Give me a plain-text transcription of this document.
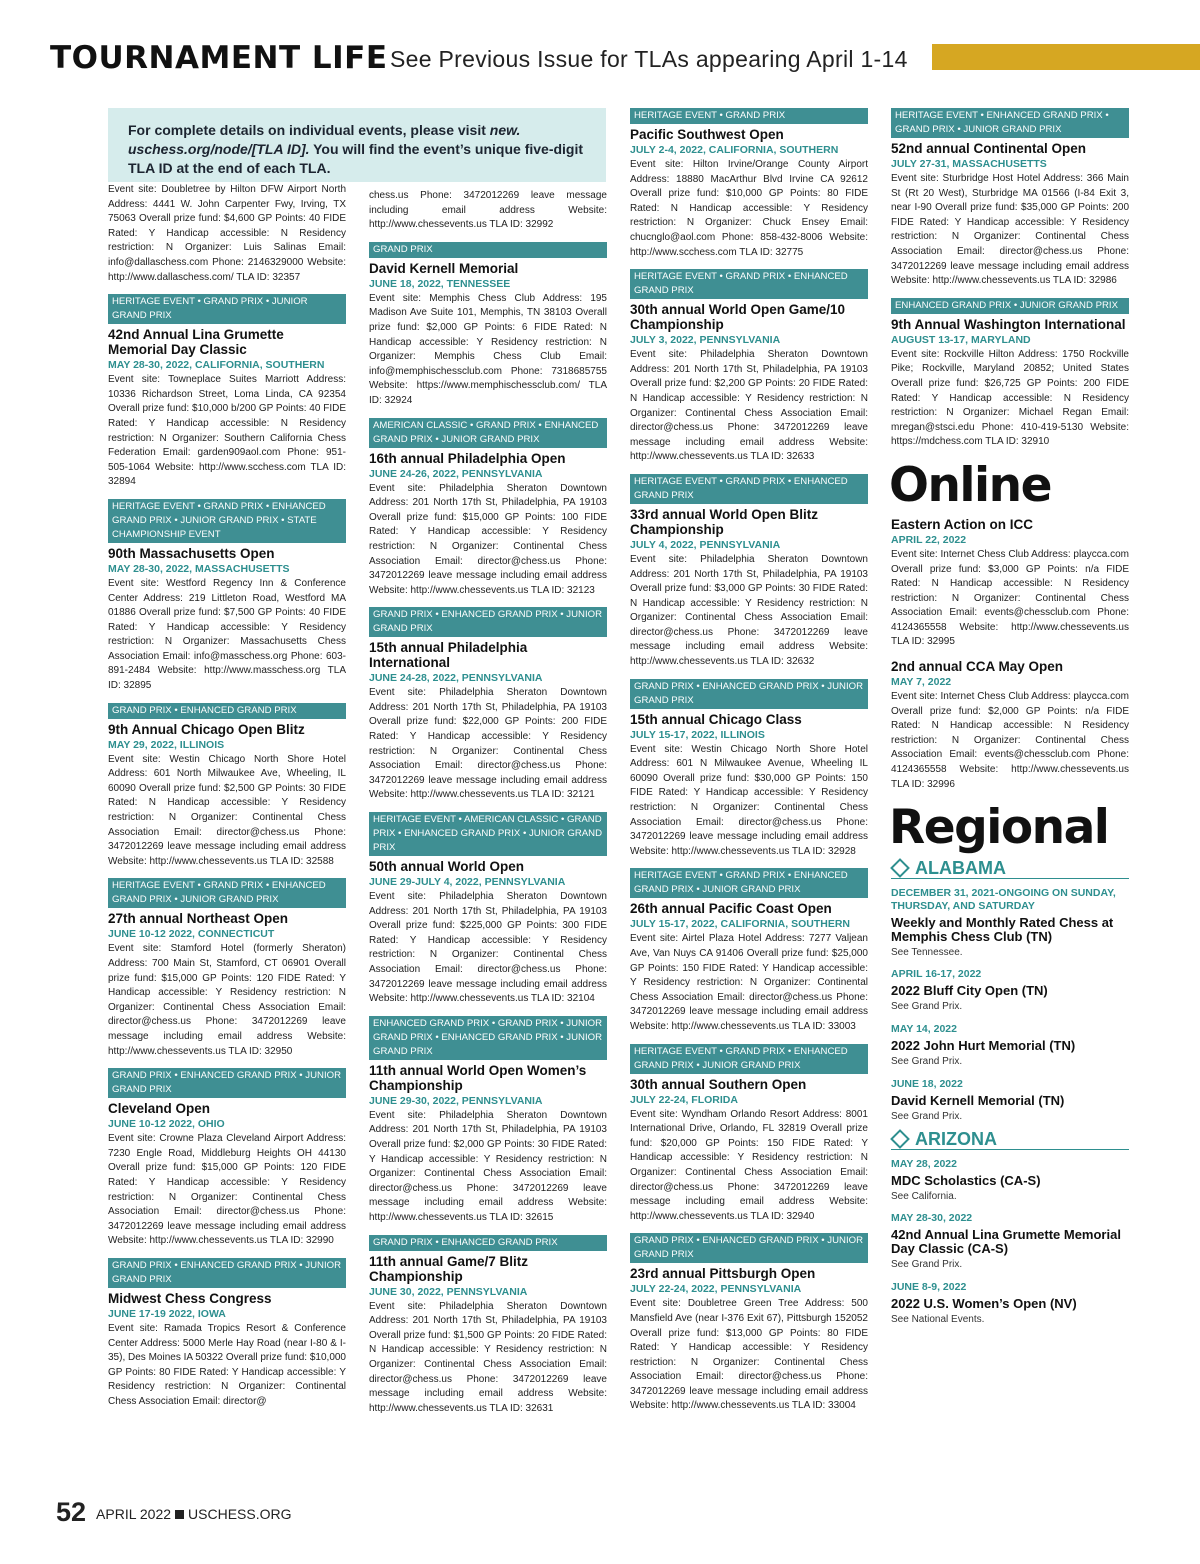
TOURNAMENT LIFE See Previous Issue for TLAs appearing April 1-14
For complete details on individual events, please visit new. uschess.org/node/[TLA ID]. You will find the event’s unique five-digit TLA ID at the end of each TLA.
Event site: Doubletree by Hilton DFW Airport North Address: 4441 W. John Carpenter Fwy, Irving, TX 75063 Overall prize fund: $4,600 GP Points: 40 FIDE Rated: Y Handicap accessible: N Residency restriction: N Organizer: Luis Salinas Email: info@dallaschess.com Phone: 2146329000 Website: http://www.dallaschess.com/ TLA ID: 32357
HERITAGE EVENT • GRAND PRIX • JUNIOR GRAND PRIX
42nd Annual Lina Grumette Memorial Day Classic
MAY 28-30, 2022, CALIFORNIA, SOUTHERN
Event site: Towneplace Suites Marriott Address: 10336 Richardson Street, Loma Linda, CA 92354 Overall prize fund: $10,000 b/200 GP Points: 40 FIDE Rated: Y Handicap accessible: N Residency restriction: N Organizer: Southern California Chess Federation Email: garden909aol.com Phone: 951-505-1064 Website: http://www.scchess.com TLA ID: 32894
HERITAGE EVENT • GRAND PRIX • ENHANCED GRAND PRIX • JUNIOR GRAND PRIX • STATE CHAMPIONSHIP EVENT
90th Massachusetts Open
MAY 28-30, 2022, MASSACHUSETTS
Event site: Westford Regency Inn & Conference Center Address: 219 Littleton Road, Westford MA 01886 Overall prize fund: $7,500 GP Points: 40 FIDE Rated: Y Handicap accessible: Y Residency restriction: N Organizer: Massachusetts Chess Association Email: info@masschess.org Phone: 603-891-2484 Website: http://www.masschess.org TLA ID: 32895
GRAND PRIX • ENHANCED GRAND PRIX
9th Annual Chicago Open Blitz
MAY 29, 2022, ILLINOIS
Event site: Westin Chicago North Shore Hotel Address: 601 North Milwaukee Ave, Wheeling, IL 60090 Overall prize fund: $2,500 GP Points: 30 FIDE Rated: N Handicap accessible: Y Residency restriction: N Organizer: Continental Chess Association Email: director@chess.us Phone: 3472012269 leave message including email address Website: http://www.chessevents.us TLA ID: 32588
HERITAGE EVENT • GRAND PRIX • ENHANCED GRAND PRIX • JUNIOR GRAND PRIX
27th annual Northeast Open
JUNE 10-12 2022, CONNECTICUT
Event site: Stamford Hotel (formerly Sheraton) Address: 700 Main St, Stamford, CT 06901 Overall prize fund: $15,000 GP Points: 120 FIDE Rated: Y Handicap accessible: Y Residency restriction: N Organizer: Continental Chess Association Email: director@chess.us Phone: 3472012269 leave message including email address Website: http://www.chessevents.us TLA ID: 32950
GRAND PRIX • ENHANCED GRAND PRIX • JUNIOR GRAND PRIX
Cleveland Open
JUNE 10-12 2022, OHIO
Event site: Crowne Plaza Cleveland Airport Address: 7230 Engle Road, Middleburg Heights OH 44130 Overall prize fund: $15,000 GP Points: 120 FIDE Rated: Y Handicap accessible: Y Residency restriction: N Organizer: Continental Chess Association Email: director@chess.us Phone: 3472012269 leave message including email address Website: http://www.chessevents.us TLA ID: 32990
GRAND PRIX • ENHANCED GRAND PRIX • JUNIOR GRAND PRIX
Midwest Chess Congress
JUNE 17-19 2022, IOWA
Event site: Ramada Tropics Resort & Conference Center Address: 5000 Merle Hay Road (near I-80 & I-35), Des Moines IA 50322 Overall prize fund: $10,000 GP Points: 80 FIDE Rated: Y Handicap accessible: Y Residency restriction: N Organizer: Continental Chess Association Email: director@
chess.us Phone: 3472012269 leave message including email address Website: http://www.chessevents.us TLA ID: 32992
GRAND PRIX
David Kernell Memorial
JUNE 18, 2022, TENNESSEE
Event site: Memphis Chess Club Address: 195 Madison Ave Suite 101, Memphis, TN 38103 Overall prize fund: $2,000 GP Points: 6 FIDE Rated: N Handicap accessible: Y Residency restriction: N Organizer: Memphis Chess Club Email: info@memphischessclub.com Phone: 7318685755 Website: https://www.memphischessclub.com/ TLA ID: 32924
AMERICAN CLASSIC • GRAND PRIX • ENHANCED GRAND PRIX • JUNIOR GRAND PRIX
16th annual Philadelphia Open
JUNE 24-26, 2022, PENNSYLVANIA
Event site: Philadelphia Sheraton Downtown Address: 201 North 17th St, Philadelphia, PA 19103 Overall prize fund: $15,000 GP Points: 100 FIDE Rated: Y Handicap accessible: Y Residency restriction: N Organizer: Continental Chess Association Email: director@chess.us Phone: 3472012269 leave message including email address Website: http://www.chessevents.us TLA ID: 32123
GRAND PRIX • ENHANCED GRAND PRIX • JUNIOR GRAND PRIX
15th annual Philadelphia International
JUNE 24-28, 2022, PENNSYLVANIA
Event site: Philadelphia Sheraton Downtown Address: 201 North 17th St, Philadelphia, PA 19103 Overall prize fund: $22,000 GP Points: 200 FIDE Rated: Y Handicap accessible: Y Residency restriction: N Organizer: Continental Chess Association Email: director@chess.us Phone: 3472012269 leave message including email address Website: http://www.chessevents.us TLA ID: 32121
HERITAGE EVENT • AMERICAN CLASSIC • GRAND PRIX • ENHANCED GRAND PRIX • JUNIOR GRAND PRIX
50th annual World Open
JUNE 29-JULY 4, 2022, PENNSYLVANIA
Event site: Philadelphia Sheraton Downtown Address: 201 North 17th St, Philadelphia, PA 19103 Overall prize fund: $225,000 GP Points: 300 FIDE Rated: Y Handicap accessible: Y Residency restriction: N Organizer: Continental Chess Association Email: director@chess.us Phone: 3472012269 leave message including email address Website: http://www.chessevents.us TLA ID: 32104
ENHANCED GRAND PRIX • GRAND PRIX • JUNIOR GRAND PRIX • ENHANCED GRAND PRIX • JUNIOR GRAND PRIX
11th annual World Open Women’s Championship
JUNE 29-30, 2022, PENNSYLVANIA
Event site: Philadelphia Sheraton Downtown Address: 201 North 17th St, Philadelphia, PA 19103 Overall prize fund: $2,000 GP Points: 30 FIDE Rated: Y Handicap accessible: Y Residency restriction: N Organizer: Continental Chess Association Email: director@chess.us Phone: 3472012269 leave message including email address Website: http://www.chessevents.us TLA ID: 32615
GRAND PRIX • ENHANCED GRAND PRIX
11th annual Game/7 Blitz Championship
JUNE 30, 2022, PENNSYLVANIA
Event site: Philadelphia Sheraton Downtown Address: 201 North 17th St, Philadelphia, PA 19103 Overall prize fund: $1,500 GP Points: 20 FIDE Rated: N Handicap accessible: Y Residency restriction: N Organizer: Continental Chess Association Email: director@chess.us Phone: 3472012269 leave message including email address Website: http://www.chessevents.us TLA ID: 32631
HERITAGE EVENT • GRAND PRIX
Pacific Southwest Open
JULY 2-4, 2022, CALIFORNIA, SOUTHERN
Event site: Hilton Irvine/Orange County Airport Address: 18880 MacArthur Blvd Irvine CA 92612 Overall prize fund: $10,000 GP Points: 80 FIDE Rated: N Handicap accessible: Y Residency restriction: N Organizer: Chuck Ensey Email: chucnglo@aol.com Phone: 858-432-8006 Website: http://www.scchess.com TLA ID: 32775
HERITAGE EVENT • GRAND PRIX • ENHANCED GRAND PRIX
30th annual World Open Game/10 Championship
JULY 3, 2022, PENNSYLVANIA
Event site: Philadelphia Sheraton Downtown Address: 201 North 17th St, Philadelphia, PA 19103 Overall prize fund: $2,200 GP Points: 20 FIDE Rated: N Handicap accessible: Y Residency restriction: N Organizer: Continental Chess Association Email: director@chess.us Phone: 3472012269 leave message including email address Website: http://www.chessevents.us TLA ID: 32633
HERITAGE EVENT • GRAND PRIX • ENHANCED GRAND PRIX
33rd annual World Open Blitz Championship
JULY 4, 2022, PENNSYLVANIA
Event site: Philadelphia Sheraton Downtown Address: 201 North 17th St, Philadelphia, PA 19103 Overall prize fund: $3,000 GP Points: 30 FIDE Rated: N Handicap accessible: Y Residency restriction: N Organizer: Continental Chess Association Email: director@chess.us Phone: 3472012269 leave message including email address Website: http://www.chessevents.us TLA ID: 32632
GRAND PRIX • ENHANCED GRAND PRIX • JUNIOR GRAND PRIX
15th annual Chicago Class
JULY 15-17, 2022, ILLINOIS
Event site: Westin Chicago North Shore Hotel Address: 601 N Milwaukee Avenue, Wheeling IL 60090 Overall prize fund: $30,000 GP Points: 150 FIDE Rated: Y Handicap accessible: Y Residency restriction: N Organizer: Continental Chess Association Email: director@chess.us Phone: 3472012269 leave message including email address Website: http://www.chessevents.us TLA ID: 32928
HERITAGE EVENT • GRAND PRIX • ENHANCED GRAND PRIX • JUNIOR GRAND PRIX
26th annual Pacific Coast Open
JULY 15-17, 2022, CALIFORNIA, SOUTHERN
Event site: Airtel Plaza Hotel Address: 7277 Valjean Ave, Van Nuys CA 91406 Overall prize fund: $25,000 GP Points: 150 FIDE Rated: Y Handicap accessible: Y Residency restriction: N Organizer: Continental Chess Association Email: director@chess.us Phone: 3472012269 leave message including email address Website: http://www.chessevents.us TLA ID: 33003
HERITAGE EVENT • GRAND PRIX • ENHANCED GRAND PRIX • JUNIOR GRAND PRIX
30th annual Southern Open
JULY 22-24, FLORIDA
Event site: Wyndham Orlando Resort Address: 8001 International Drive, Orlando, FL 32819 Overall prize fund: $20,000 GP Points: 150 FIDE Rated: Y Handicap accessible: Y Residency restriction: N Organizer: Continental Chess Association Email: director@chess.us Phone: 3472012269 leave message including email address Website: http://www.chessevents.us TLA ID: 32940
GRAND PRIX • ENHANCED GRAND PRIX • JUNIOR GRAND PRIX
23rd annual Pittsburgh Open
JULY 22-24, 2022, PENNSYLVANIA
Event site: Doubletree Green Tree Address: 500 Mansfield Ave (near I-376 Exit 67), Pittsburgh 152052 Overall prize fund: $13,000 GP Points: 80 FIDE Rated: Y Handicap accessible: Y Residency restriction: N Organizer: Continental Chess Association Email: director@chess.us Phone: 3472012269 leave message including email address Website: http://www.chessevents.us TLA ID: 33004
HERITAGE EVENT • ENHANCED GRAND PRIX • GRAND PRIX • JUNIOR GRAND PRIX
52nd annual Continental Open
JULY 27-31, MASSACHUSETTS
Event site: Sturbridge Host Hotel Address: 366 Main St (Rt 20 West), Sturbridge MA 01566 (I-84 Exit 3, near I-90 Overall prize fund: $35,000 GP Points: 200 FIDE Rated: Y Handicap accessible: Y Residency restriction: N Organizer: Continental Chess Association Email: director@chess.us Phone: 3472012269 leave message including email address Website: http://www.chessevents.us TLA ID: 32986
ENHANCED GRAND PRIX • JUNIOR GRAND PRIX
9th Annual Washington International
AUGUST 13-17, MARYLAND
Event site: Rockville Hilton Address: 1750 Rockville Pike; Rockville, Maryland 20852; United States Overall prize fund: $26,725 GP Points: 200 FIDE Rated: Y Handicap accessible: N Residency restriction: N Organizer: Michael Regan Email: mregan@stsci.edu Phone: 410-419-5130 Website: https://mdchess.com TLA ID: 32910
Online
Eastern Action on ICC
APRIL 22, 2022
Event site: Internet Chess Club Address: playcca.com Overall prize fund: $3,000 GP Points: n/a FIDE Rated: N Handicap accessible: N Residency restriction: N Organizer: Continental Chess Association Email: events@chessclub.com Phone: 4124365558 Website: http://www.chessevents.us TLA ID: 32995
2nd annual CCA May Open
MAY 7, 2022
Event site: Internet Chess Club Address: playcca.com Overall prize fund: $2,000 GP Points: n/a FIDE Rated: N Handicap accessible: N Residency restriction: N Organizer: Continental Chess Association Email: events@chessclub.com Phone: 4124365558 Website: http://www.chessevents.us TLA ID: 32996
Regional
ALABAMA
DECEMBER 31, 2021-ONGOING ON SUNDAY, THURSDAY, AND SATURDAY
Weekly and Monthly Rated Chess at Memphis Chess Club (TN)
See Tennessee.
APRIL 16-17, 2022
2022 Bluff City Open (TN)
See Grand Prix.
MAY 14, 2022
2022 John Hurt Memorial (TN)
See Grand Prix.
JUNE 18, 2022
David Kernell Memorial (TN)
See Grand Prix.
ARIZONA
MAY 28, 2022
MDC Scholastics (CA-S)
See California.
MAY 28-30, 2022
42nd Annual Lina Grumette Memorial Day Classic (CA-S)
See Grand Prix.
JUNE 8-9, 2022
2022 U.S. Women’s Open (NV)
See National Events.
52 APRIL 2022 USCHESS.ORG
